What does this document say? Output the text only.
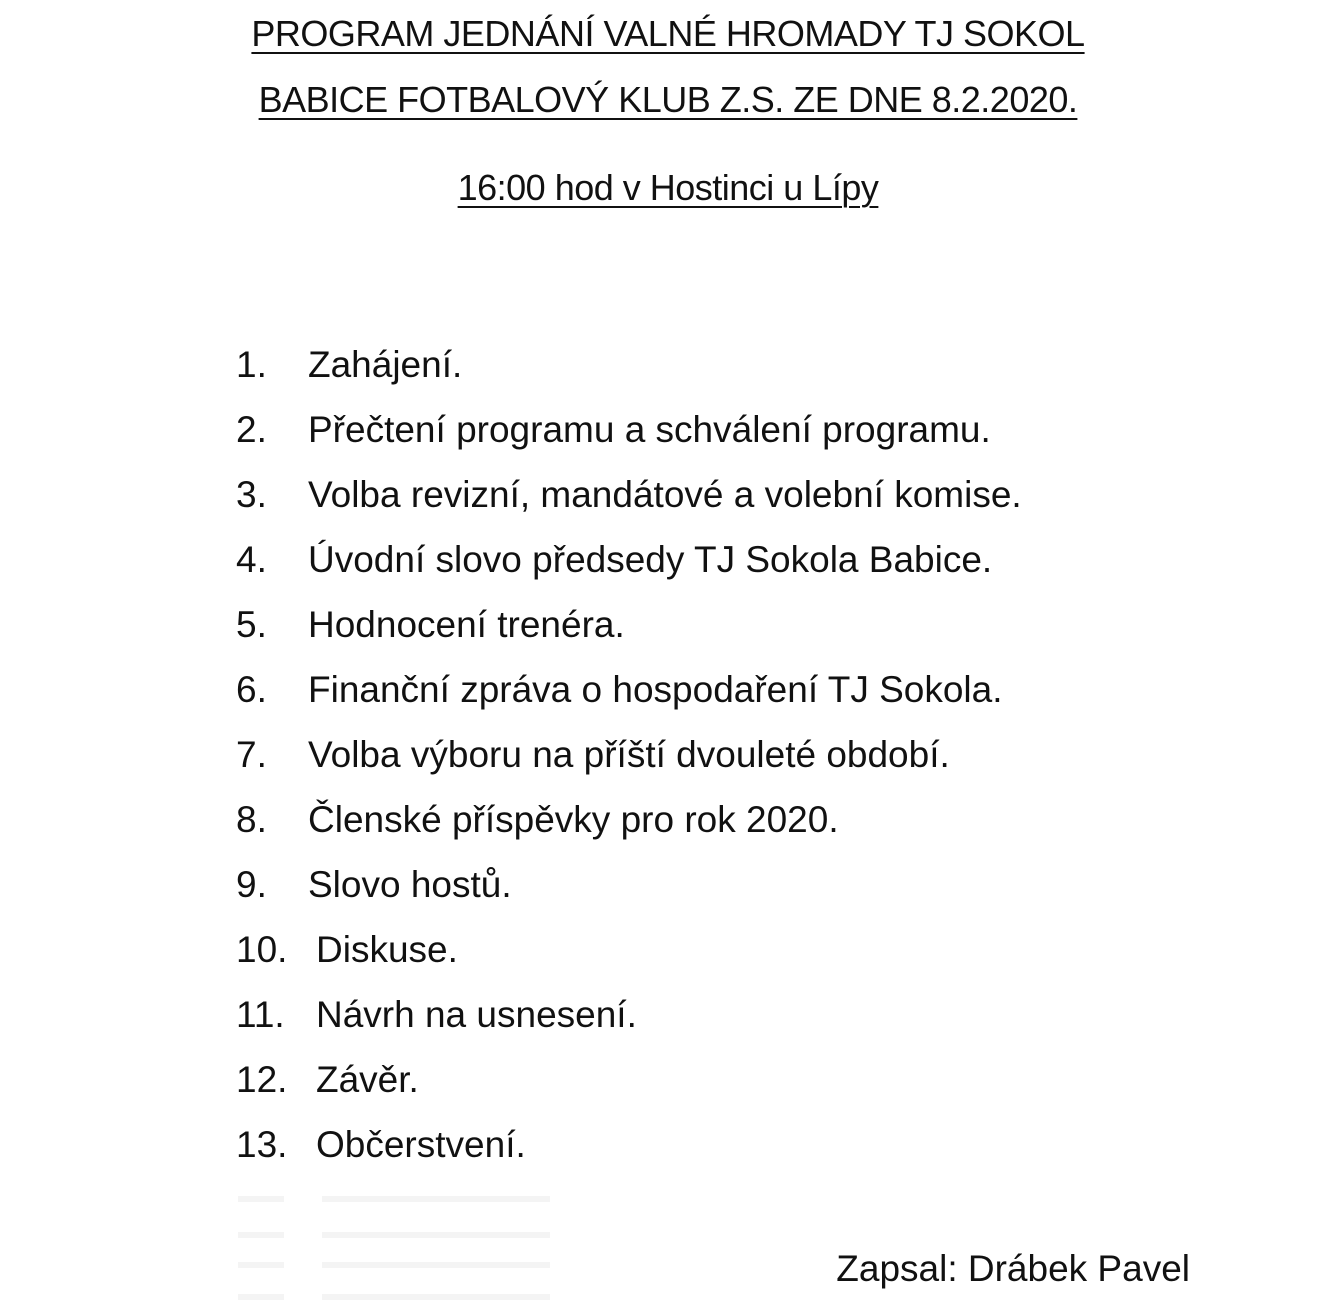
PROGRAM JEDNÁNÍ VALNÉ HROMADY TJ SOKOL
BABICE FOTBALOVÝ KLUB Z.S. ZE DNE 8.2.2020.
16:00 hod v Hostinci u Lípy
1. Zahájení.
2. Přečtení programu a schválení programu.
3. Volba revizní, mandátové a volební komise.
4. Úvodní slovo předsedy TJ Sokola Babice.
5. Hodnocení trenéra.
6. Finanční zpráva o hospodaření TJ Sokola.
7. Volba výboru na příští dvouleté období.
8. Členské příspěvky pro rok 2020.
9. Slovo hostů.
10. Diskuse.
11. Návrh na usnesení.
12. Závěr.
13. Občerstvení.
Zapsal: Drábek Pavel
